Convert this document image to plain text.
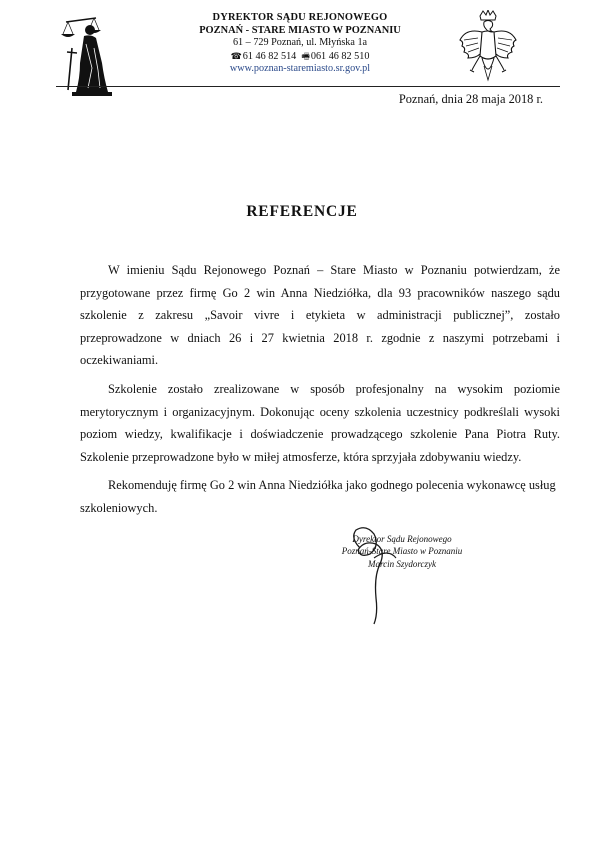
DYREKTOR SĄDU REJONOWEGO
POZNAŃ - STARE MIASTO W POZNANIU
61 – 729 Poznań, ul. Młyńska 1a
☎61 46 82 514 🖷061 46 82 510
www.poznan-staremiasto.sr.gov.pl
Poznań, dnia 28 maja 2018 r.
REFERENCJE

W imieniu Sądu Rejonowego Poznań – Stare Miasto w Poznaniu potwierdzam, że przygotowane przez firmę Go 2 win Anna Niedziółka, dla 93 pracowników naszego sądu szkolenie z zakresu „Savoir vivre i etykieta w administracji publicznej”, zostało przeprowadzone w dniach 26 i 27 kwietnia 2018 r. zgodnie z naszymi potrzebami i oczekiwaniami.

Szkolenie zostało zrealizowane w sposób profesjonalny na wysokim poziomie merytorycznym i organizacyjnym. Dokonując oceny szkolenia uczestnicy podkreślali wysoki poziom wiedzy, kwalifikacje i doświadczenie prowadzącego szkolenie Pana Piotra Ruty. Szkolenie przeprowadzone było w miłej atmosferze, która sprzyjała zdobywaniu wiedzy.

Rekomenduję firmę Go 2 win Anna Niedziółka jako godnego polecenia wykonawcę usług szkoleniowych.

Dyrektor Sądu Rejonowego
Poznań-Stare Miasto w Poznaniu
Marcin Szydorczyk
